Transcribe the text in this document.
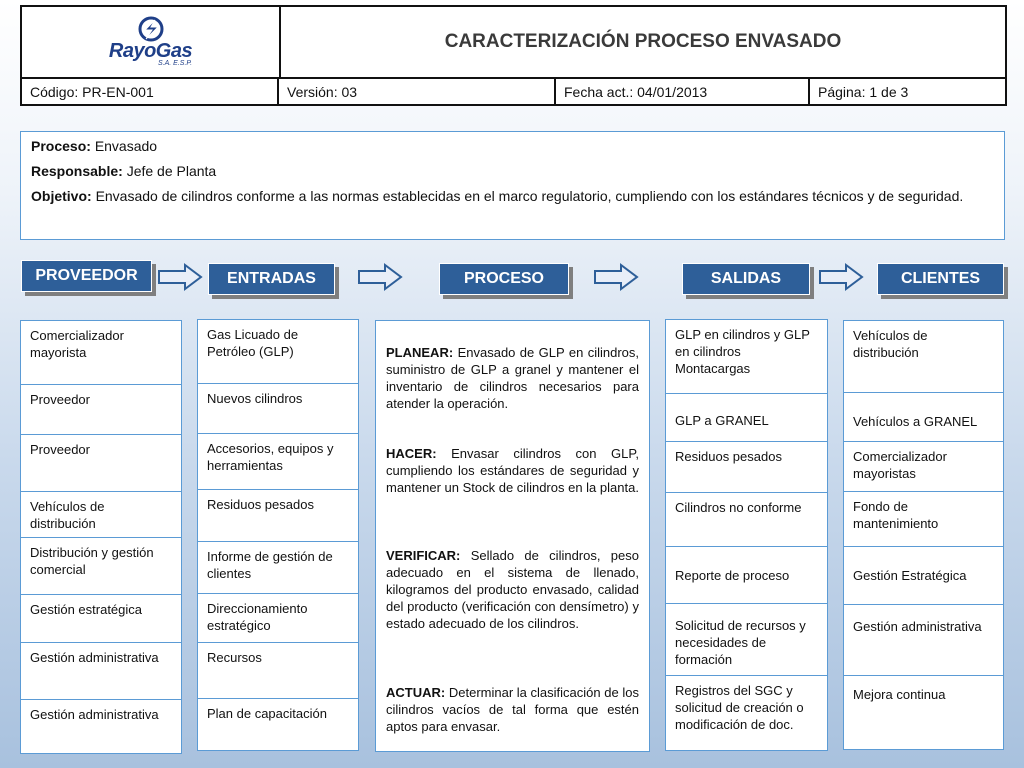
RayoGas
S.A. E.S.P.
CARACTERIZACIÓN PROCESO ENVASADO
Código: PR-EN-001	Versión: 03	Fecha act.: 04/01/2013	Página: 1 de 3

Proceso: Envasado

Responsable: Jefe de Planta

Objetivo: Envasado de cilindros conforme a las normas establecidas en el marco regulatorio, cumpliendo con los estándares técnicos y de seguridad.

PROVEEDOR	ENTRADAS	PROCESO	SALIDAS	CLIENTES
Comercializador mayorista
Proveedor
Proveedor
Vehículos de distribución
Distribución y gestión comercial
Gestión estratégica
Gestión administrativa
Gestión administrativa
Gas Licuado de Petróleo (GLP)
Nuevos cilindros
Accesorios, equipos y herramientas
Residuos pesados
Informe de gestión de clientes
Direccionamiento estratégico
Recursos
Plan de capacitación
PLANEAR: Envasado de GLP en cilindros, suministro de GLP a granel y mantener el inventario de cilindros necesarios para atender la operación.
HACER: Envasar cilindros con GLP, cumpliendo los estándares de seguridad y mantener un Stock de cilindros en la planta.
VERIFICAR: Sellado de cilindros, peso adecuado en el sistema de llenado, kilogramos del producto envasado, calidad del producto (verificación con densímetro) y estado adecuado de los cilindros.
ACTUAR: Determinar la clasificación de los cilindros vacíos de tal forma que estén aptos para envasar.
GLP en cilindros y GLP en cilindros Montacargas
GLP a GRANEL
Residuos pesados
Cilindros no conforme
Reporte de proceso
Solicitud de recursos y necesidades de formación
Registros del SGC y solicitud de creación o modificación de doc.
Vehículos de distribución
Vehículos a GRANEL
Comercializador mayoristas
Fondo de mantenimiento
Gestión Estratégica
Gestión administrativa
Mejora continua
